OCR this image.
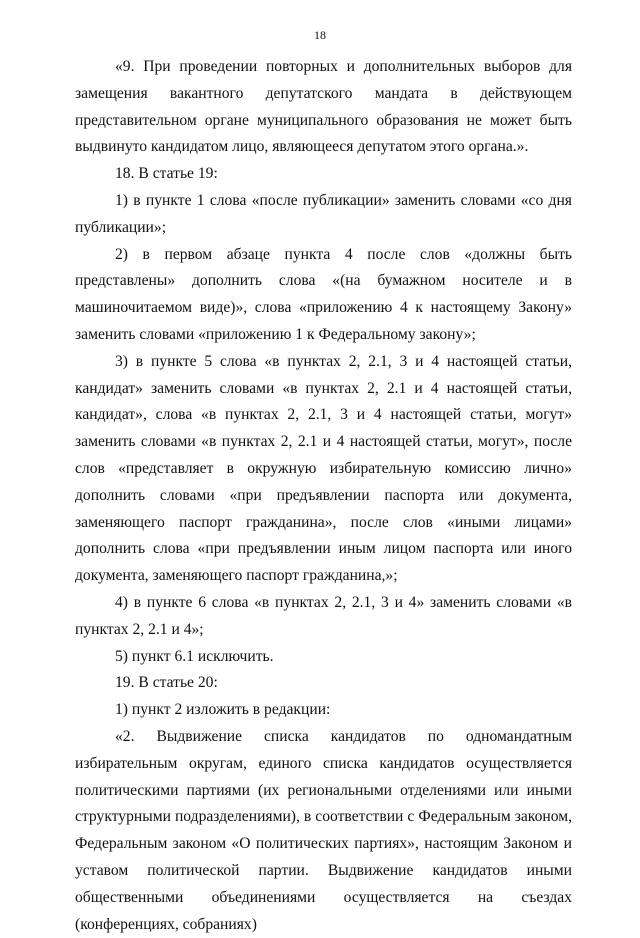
18

«9. При проведении повторных и дополнительных выборов для замещения вакантного депутатского мандата в действующем представительном органе муниципального образования не может быть выдвинуто кандидатом лицо, являющееся депутатом этого органа.».

18. В статье 19:

1) в пункте 1 слова «после публикации» заменить словами «со дня публикации»;

2) в первом абзаце пункта 4 после слов «должны быть представлены» дополнить слова «(на бумажном носителе и в машиночитаемом виде)», слова «приложению 4 к настоящему Закону» заменить словами «приложению 1 к Федеральному закону»;

3) в пункте 5 слова «в пунктах 2, 2.1, 3 и 4 настоящей статьи, кандидат» заменить словами «в пунктах 2, 2.1 и 4 настоящей статьи, кандидат», слова «в пунктах 2, 2.1, 3 и 4 настоящей статьи, могут» заменить словами «в пунктах 2, 2.1 и 4 настоящей статьи, могут», после слов «представляет в окружную избирательную комиссию лично» дополнить словами «при предъявлении паспорта или документа, заменяющего паспорт гражданина», после слов «иными лицами» дополнить слова «при предъявлении иным лицом паспорта или иного документа, заменяющего паспорт гражданина,»;

4) в пункте 6 слова «в пунктах 2, 2.1, 3 и 4» заменить словами «в пунктах 2, 2.1 и 4»;

5) пункт 6.1 исключить.

19. В статье 20:

1) пункт 2 изложить в редакции:

«2. Выдвижение списка кандидатов по одномандатным избирательным округам, единого списка кандидатов осуществляется политическими партиями (их региональными отделениями или иными структурными подразделениями), в соответствии с Федеральным законом, Федеральным законом «О политических партиях», настоящим Законом и уставом политической партии. Выдвижение кандидатов иными общественными объединениями осуществляется на съездах (конференциях, собраниях)
